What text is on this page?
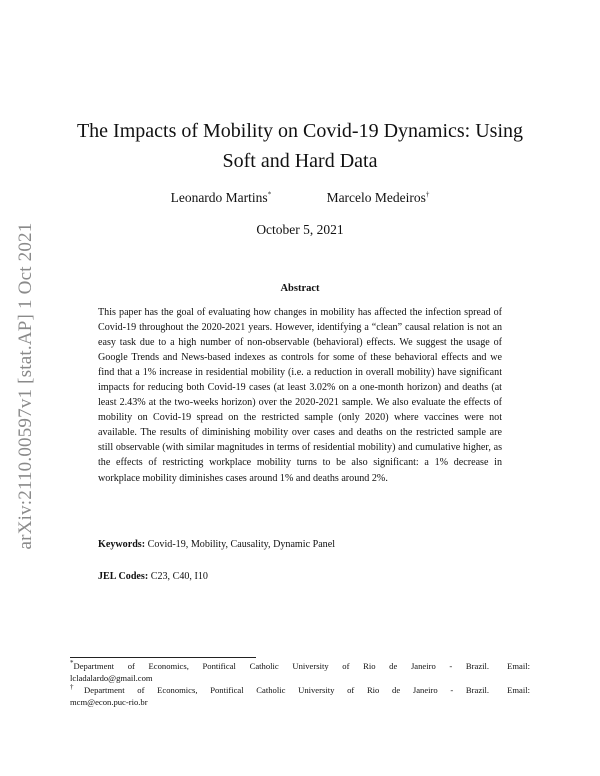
arXiv:2110.00597v1 [stat.AP] 1 Oct 2021
The Impacts of Mobility on Covid-19 Dynamics: Using Soft and Hard Data
Leonardo Martins*	Marcelo Medeiros†
October 5, 2021
Abstract

This paper has the goal of evaluating how changes in mobility has affected the infection spread of Covid-19 throughout the 2020-2021 years. However, identifying a “clean” causal relation is not an easy task due to a high number of non-observable (behavioral) effects. We suggest the usage of Google Trends and News-based indexes as controls for some of these behavioral effects and we find that a 1% increase in residential mobility (i.e. a reduction in overall mobility) have significant impacts for reducing both Covid-19 cases (at least 3.02% on a one-month horizon) and deaths (at least 2.43% at the two-weeks horizon) over the 2020-2021 sample. We also evaluate the effects of mobility on Covid-19 spread on the restricted sample (only 2020) where vaccines were not available. The results of diminishing mobility over cases and deaths on the restricted sample are still observable (with similar magnitudes in terms of residential mobility) and cumulative higher, as the effects of restricting workplace mobility turns to be also significant: a 1% decrease in workplace mobility diminishes cases around 1% and deaths around 2%.

Keywords: Covid-19, Mobility, Causality, Dynamic Panel
JEL Codes: C23, C40, I10
*Department of Economics, Pontifical Catholic University of Rio de Janeiro - Brazil. Email:
lcladalardo@gmail.com
†Department of Economics, Pontifical Catholic University of Rio de Janeiro - Brazil. Email:
mcm@econ.puc-rio.br
